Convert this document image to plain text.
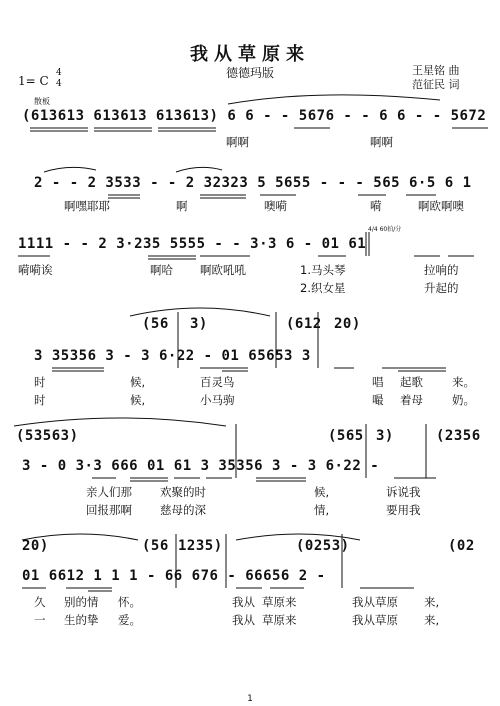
我从草原来
德德玛版	王星铭 曲
范征民 词
1= C
4
4
散板
(613613 613613 613613) 6 6 - - 5676 - - 6 6 - - 5672
啊啊	啊啊
2 - - 2 3533 - - 2 32323 5 5655 - - - 565 6·5 6 1
啊嘿耶耶	啊	噢嗬	嗬	啊欧啊噢
4/4 60拍/分
1111 - - 2 3·235 5555 - - 3·3 6 - 01 61
嗬嗬诶	啊哈 啊欧吼吼	1.马头琴	拉响的
2.织女星	升起的
(56 3)	(612 20)
3 35356 3 - 3 6·22 - 01 65653 3
时	候,	百灵鸟	唱 起歌	来。
时	候,	小马驹	嘬 着母	奶。
(53563)	(565 3)	(2356
3 - 0 3·3 666 01 61 3 35356 3 - 3 6·22 -
亲人们那 欢聚的时	候,	诉说我
回报那啊 慈母的深	情,	要用我
20)	(56 1235)	(0253)	(02
01 6612 1 1 1 - 66 676 - 66656 2 -
久 别的情 怀。	我从 草原来	我从草原 来,
一 生的挚 爱。	我从 草原来	我从草原 来,
1
